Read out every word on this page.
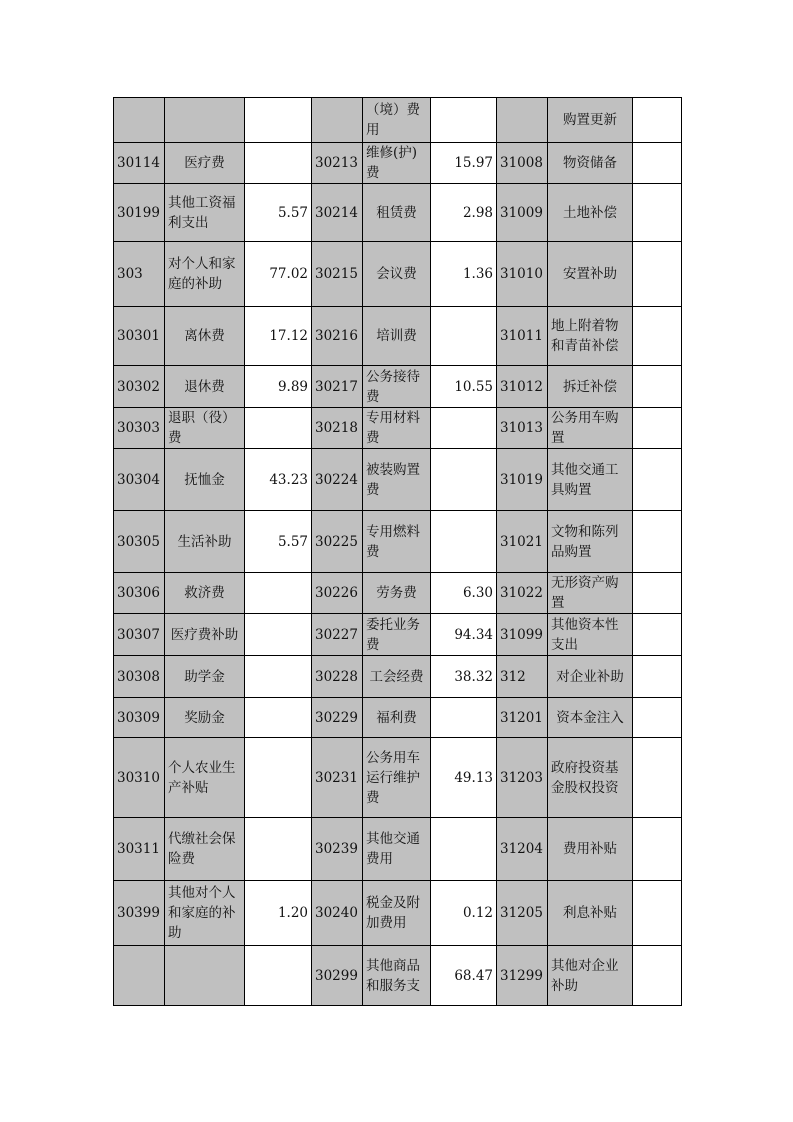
				（境）费用			购置更新	
30114	医疗费		30213	维修(护)费	15.97	31008	物资储备	
30199	其他工资福利支出	5.57	30214	租赁费	2.98	31009	土地补偿	
303	对个人和家庭的补助	77.02	30215	会议费	1.36	31010	安置补助	
30301	离休费	17.12	30216	培训费		31011	地上附着物和青苗补偿	
30302	退休费	9.89	30217	公务接待费	10.55	31012	拆迁补偿	
30303	退职（役）费		30218	专用材料费		31013	公务用车购置	
30304	抚恤金	43.23	30224	被装购置费		31019	其他交通工具购置	
30305	生活补助	5.57	30225	专用燃料费		31021	文物和陈列品购置	
30306	救济费		30226	劳务费	6.30	31022	无形资产购置	
30307	医疗费补助		30227	委托业务费	94.34	31099	其他资本性支出	
30308	助学金		30228	工会经费	38.32	312	对企业补助	
30309	奖励金		30229	福利费		31201	资本金注入	
30310	个人农业生产补贴		30231	公务用车运行维护费	49.13	31203	政府投资基金股权投资	
30311	代缴社会保险费		30239	其他交通费用		31204	费用补贴	
30399	其他对个人和家庭的补助	1.20	30240	税金及附加费用	0.12	31205	利息补贴	
			30299	其他商品和服务支	68.47	31299	其他对企业补助	
